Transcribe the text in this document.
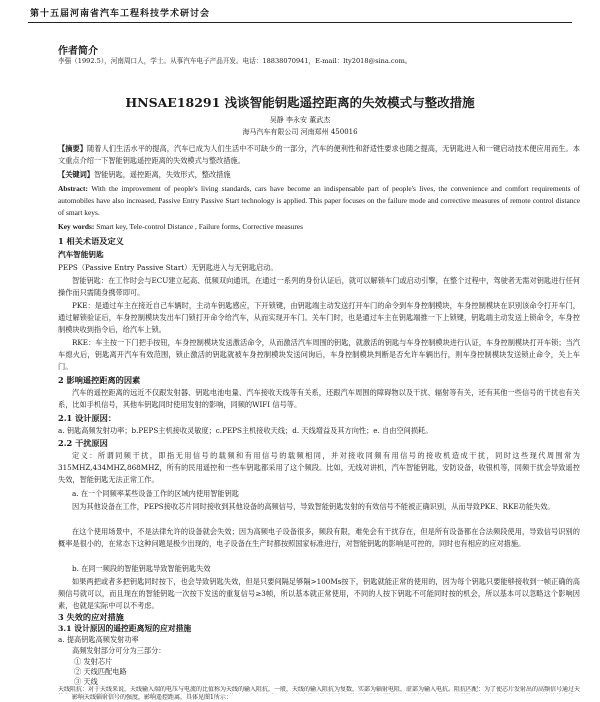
第十五届河南省汽车工程科技学术研讨会
作者简介
李强（1992.5），河南周口人，学士。从事汽车电子产品开发。电话：18838070941，E-mail：lty2018@sina.com。
HNSAE18291 浅谈智能钥匙遥控距离的失效模式与整改措施
吴静 李永安 董武杰
海马汽车有限公司 河南郑州 450016

【摘要】随着人们生活水平的提高，汽车已成为人们生活中不可缺少的一部分，汽车的便利性和舒适性要求也随之提高，无钥匙进入和一键启动技术便应用而生。本文重点介绍一下智能钥匙遥控距离的失效模式与整改措施。

【关键词】智能钥匙，遥控距离，失效形式，整改措施

Abstract: With the improvement of people's living standards, cars have become an indispensable part of people's lives, the convenience and comfort requirements of automobiles have also increased, Passive Entry Passive Start technology is applied. This paper focuses on the failure mode and corrective measures of remote control distance of smart keys.

Key words: Smart key, Tele-control Distance , Failure forms, Corrective measures

1 相关术语及定义
汽车智能钥匙

PEPS（Passive Entry Passive Start）无钥匙进入与无钥匙启动。

智能钥匙：在工作时会与ECU建立起高、低频双向通讯，在通过一系列的身份认证后，就可以解锁车门或启动引擎，在整个过程中，驾驶者无需对钥匙进行任何操作而只需随身携带即可。

PKE：是通过车主在接近自己车辆时，主动车钥匙感应，下开锁键，由钥匙端主动发送打开车门的命令到车身控制模块，车身控制模块在识别该命令打开车门，通过解锁验证后，车身控制模块发出车门锁打开命令给汽车，从而实现开车门。关车门时，也是通过车主在钥匙端推一下上锁键，钥匙端主动发送上锁命令，车身控制模块收到指令后，给汽车上锁。

RKE：车主按一下门把手按钮，车身控制模块发送激活命令，从而激活汽车周围的钥匙，就激活的钥匙与车身控制模块进行认证，车身控制模块打开车锁；当汽车熄火后，钥匙离开汽车有效范围，锁止激活的钥匙就被车身控制模块发送问询后，车身控制模块判断是否允许车辆出行，则车身控制模块发送锁止命令，关上车门。

2 影响遥控距离的因素

汽车的遥控距离的远近不仅跟发射器、钥匙电池电量、汽车接收天线等有关系，还跟汽车周围的障碍物以及干扰、辐射等有关，还有其他一些信号的干扰也有关系，比如手机信号，其他车钥匙同时使用发射的影响，同频的WIFI 信号等。

2.1 设计原因：

a. 钥匙高频发射功率；b.PEPS主机接收灵敏度；c.PEPS主机接收天线；d. 天线增益及其方向性；e. 自由空间损耗。

2.2 干扰原因

定义：所谓同频干扰，即指无用信号的载频和有用信号的载频相同，并对接收同频有用信号的接收机造成干扰，同时这些现代周围常为315MHZ,434MHZ,868MHZ，所有的民用遥控和一些车钥匙都采用了这个频段。比如，无线对讲机，汽车智能钥匙，安防设备，收银机等，同频干扰会导致遥控失效，智能钥匙无法正常工作。

a. 在一个同频率某些设备工作的区域内使用智能钥匙

因为其他设备在工作，PEPS接收芯片同时接收到其他设备的高频信号，导致智能钥匙发射的有效信号不能被正确识别，从而导致PKE、RKE功能失效。

在这个使用场景中，不是法律允许的设备就会失效；因为高频电子设备很多，频段有限，难免会有干扰存在，但是所有设备都在合法频段使用，导致信号识别的概率是很小的，在常态下这种问题是极少出现的，电子设备在生产时都按照国家标准进行，对智能钥匙的影响是可控的，同时也有相应的应对措施。

b. 在同一频段的智能钥匙导致智能钥匙失效

如果两把或者多把钥匙同时按下，也会导致钥匙失效，但是只要间隔足够隔>100Ms按下，钥匙就能正常的使用的，因为每个钥匙只要能够接收到一帧正确的高频信号就可以，而且现在的智能钥匙一次按下发送的重复信号≥3帧，所以基本就正常使用，不同的人按下钥匙不可能同时按的机会，所以基本可以忽略这个影响因素，也就是实际中可以不考虑。

3 失效的应对措施
3.1 设计原因的遥控距离短的应对措施

a. 提高钥匙高频发射功率

高频发射部分可分为三部分：

① 发射芯片
② 天线匹配电路
③ 天线

天线阻抗：对于天线来说，天线输入端的电压与电流的比值称为天线的输入阻抗，一般，天线的输入阻抗为复数，实部为辐射电阻，虚部为输入电抗。阻抗匹配：为了使芯片发射出的高频信号通过天

影响天线辐射信号的强度，影响遥控距离，具体见图1所示：
